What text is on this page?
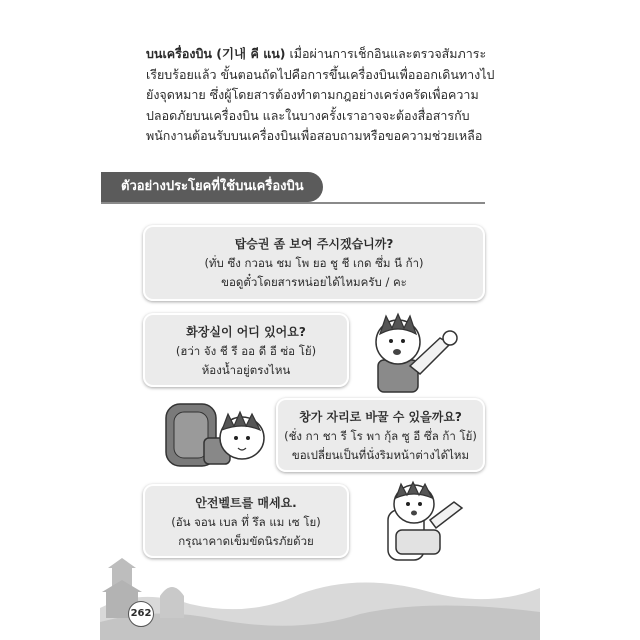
บนเครื่องบิน (기내 คี แน) เมื่อผ่านการเช็กอินและตรวจสัมภาระเรียบร้อยแล้ว ขั้นตอนถัดไปคือการขึ้นเครื่องบินเพื่อออกเดินทางไปยังจุดหมาย ซึ่งผู้โดยสารต้องทำตามกฎอย่างเคร่งครัดเพื่อความปลอดภัยบนเครื่องบิน และในบางครั้งเราอาจจะต้องสื่อสารกับพนักงานต้อนรับบนเครื่องบินเพื่อสอบถามหรือขอความช่วยเหลือ
ตัวอย่างประโยคที่ใช้บนเครื่องบิน
탑승권 좀 보여 주시겠습니까?
(ทั่บ ซึง กวอน ชม โพ ยอ ชู ชี เกด ซึ่ม นี ก้า)
ขอดูตั๋วโดยสารหน่อยได้ไหมครับ / คะ
화장실이 어디 있어요?
(ฮว่า จัง ชี รี ออ ดี อี ซ่อ โย้)
ห้องน้ำอยู่ตรงไหน
창가 자리로 바꿀 수 있을까요?
(ชั่ง กา ชา รี โร พา กุ้ล ซู อี ซึ่ล ก้า โย้)
ขอเปลี่ยนเป็นที่นั่งริมหน้าต่างได้ไหม
안전벨트를 매세요.
(อัน จอน เบล ทึ่ รึล แม เซ โย)
กรุณาคาดเข็มขัดนิรภัยด้วย
262
